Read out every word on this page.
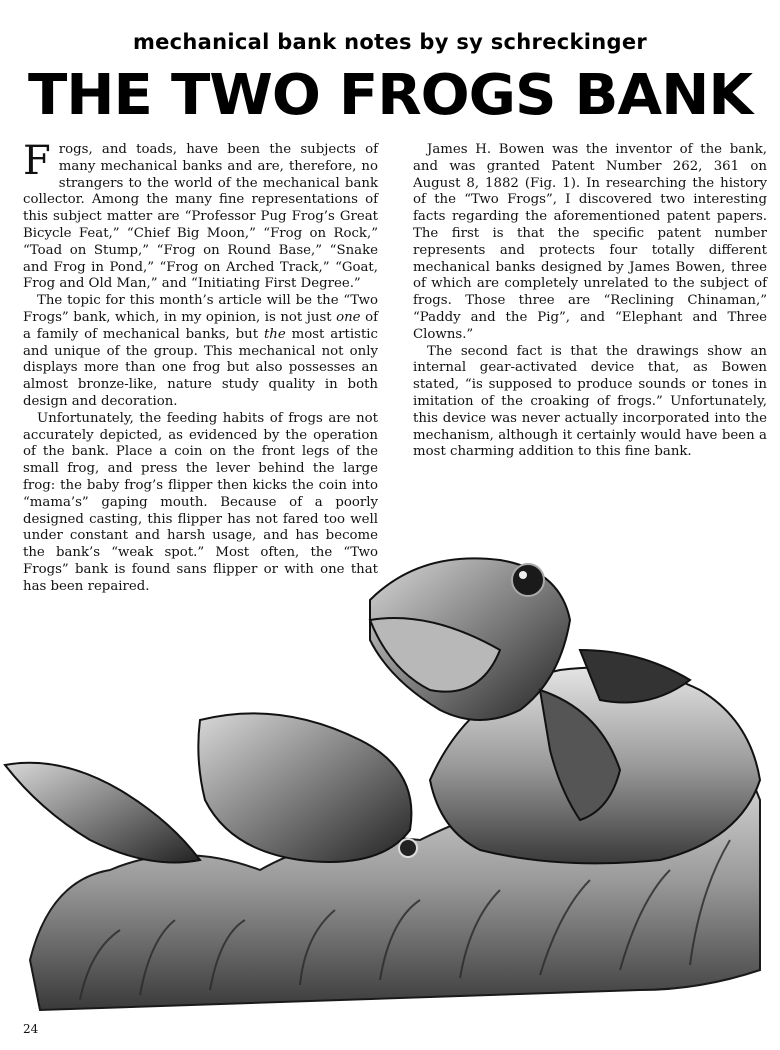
mechanical bank notes by sy schreckinger
THE TWO FROGS BANK

Frogs, and toads, have been the subjects of many mechanical banks and are, therefore, no strangers to the world of the mechanical bank collector. Among the many fine representations of this subject matter are “Professor Pug Frog’s Great Bicycle Feat,” “Chief Big Moon,” “Frog on Rock,” “Toad on Stump,” “Frog on Round Base,” “Snake and Frog in Pond,” “Frog on Arched Track,” “Goat, Frog and Old Man,” and “Initiating First Degree.”

The topic for this month’s article will be the “Two Frogs” bank, which, in my opinion, is not just one of a family of mechanical banks, but the most artistic and unique of the group. This mechanical not only displays more than one frog but also possesses an almost bronze-like, nature study quality in both design and decoration.

Unfortunately, the feeding habits of frogs are not accurately depicted, as evidenced by the operation of the bank. Place a coin on the front legs of the small frog, and press the lever behind the large frog: the baby frog’s flipper then kicks the coin into “mama’s” gaping mouth. Because of a poorly designed casting, this flipper has not fared too well under constant and harsh usage, and has become the bank’s “weak spot.” Most often, the “Two Frogs” bank is found sans flipper or with one that has been repaired.

James H. Bowen was the inventor of the bank, and was granted Patent Number 262, 361 on August 8, 1882 (Fig. 1). In researching the history of the “Two Frogs”, I discovered two interesting facts regarding the aforementioned patent papers. The first is that the specific patent number represents and protects four totally different mechanical banks designed by James Bowen, three of which are completely unrelated to the subject of frogs. Those three are “Reclining Chinaman,” “Paddy and the Pig”, and “Elephant and Three Clowns.”

The second fact is that the drawings show an internal gear-activated device that, as Bowen stated, “is supposed to produce sounds or tones in imitation of the croaking of frogs.” Unfortunately, this device was never actually incorporated into the mechanism, although it certainly would have been a most charming addition to this fine bank.

24
